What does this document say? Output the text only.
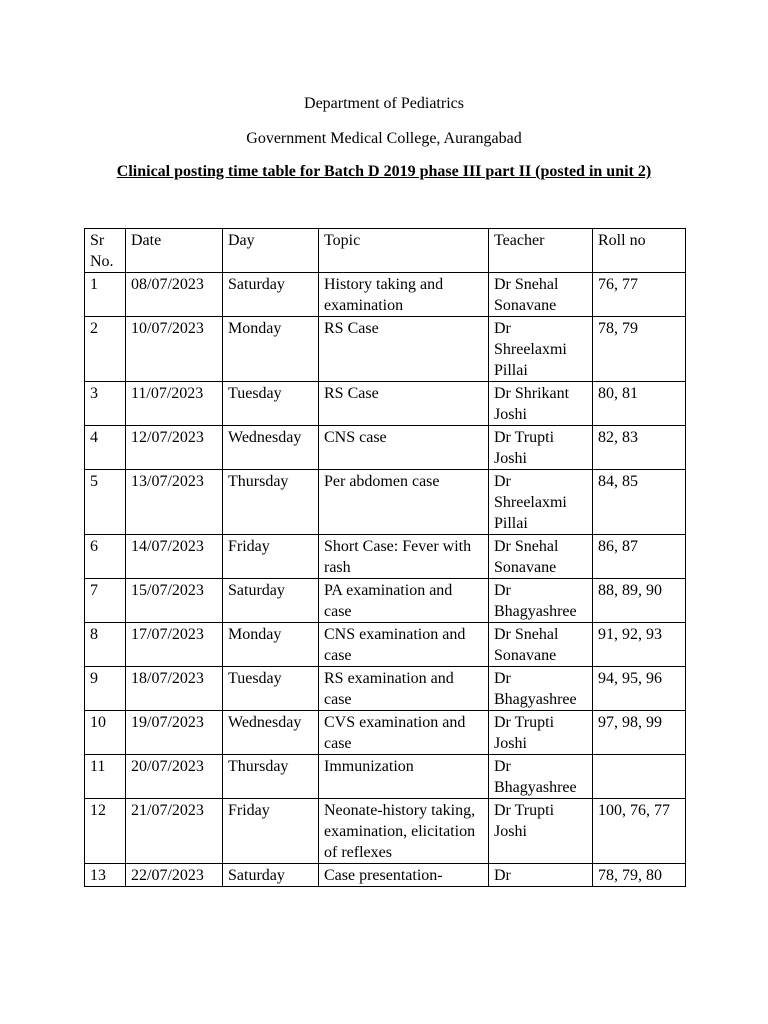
Department of Pediatrics
Government Medical College, Aurangabad
Clinical posting time table for Batch D 2019 phase III part II (posted in unit 2)
Sr No.	Date	Day	Topic	Teacher	Roll no
1	08/07/2023	Saturday	History taking and examination	Dr Snehal Sonavane	76, 77
2	10/07/2023	Monday	RS Case	Dr Shreelaxmi Pillai	78, 79
3	11/07/2023	Tuesday	RS Case	Dr Shrikant Joshi	80, 81
4	12/07/2023	Wednesday	CNS case	Dr Trupti Joshi	82, 83
5	13/07/2023	Thursday	Per abdomen case	Dr Shreelaxmi Pillai	84, 85
6	14/07/2023	Friday	Short Case: Fever with rash	Dr Snehal Sonavane	86, 87
7	15/07/2023	Saturday	PA examination and case	Dr Bhagyashree	88, 89, 90
8	17/07/2023	Monday	CNS examination and case	Dr Snehal Sonavane	91, 92, 93
9	18/07/2023	Tuesday	RS examination and case	Dr Bhagyashree	94, 95, 96
10	19/07/2023	Wednesday	CVS examination and case	Dr Trupti Joshi	97, 98, 99
11	20/07/2023	Thursday	Immunization	Dr Bhagyashree	
12	21/07/2023	Friday	Neonate-history taking, examination, elicitation of reflexes	Dr Trupti Joshi	100, 76, 77
13	22/07/2023	Saturday	Case presentation-	Dr	78, 79, 80
